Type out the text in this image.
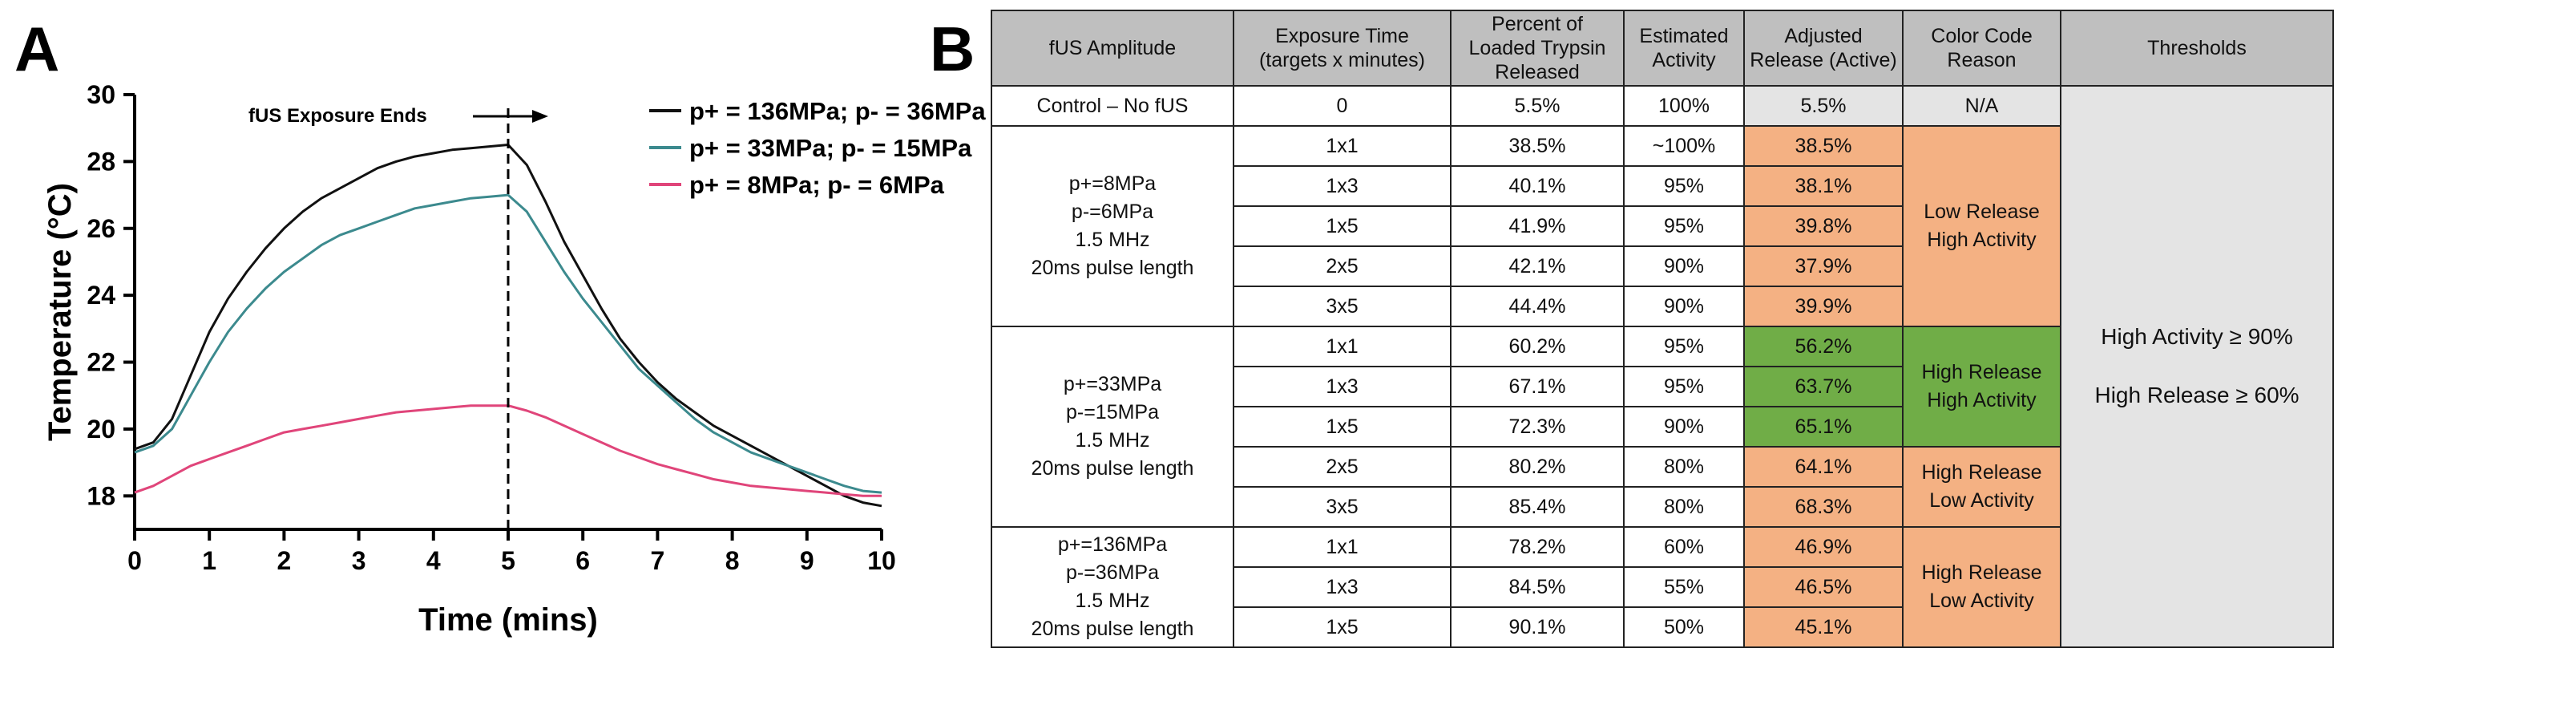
A
18
20
22
24
26
28
30
0 1 2 3 4 5 6 7 8 9 10
Time (mins)
Temperature (°C)
fUS Exposure Ends	p+ = 136MPa; p- = 36MPa
p+ = 33MPa; p- = 15MPa
p+ = 8MPa; p- = 6MPa
B	fUS Amplitude	Exposure Time (targets x minutes)	Percent of Loaded Trypsin Released	Estimated Activity	Adjusted Release (Active)	Color Code Reason	Thresholds
Control – No fUS	0	5.5%	100%	5.5%	N/A	High Activity ≥ 90%
High Release ≥ 60%

p+=8MPa
p-=6MPa
1.5 MHz
20ms pulse length	1x1	38.5%	~100%	38.5%	Low Release
High Activity	

	1x3	40.1%	95%	38.1%		
	1x5	41.9%	95%	39.8%		
	2x5	42.1%	90%	37.9%		
	3x5	44.4%	90%	39.9%		

p+=33MPa
p-=15MPa
1.5 MHz
20ms pulse length	1x1	60.2%	95%	56.2%	High Release
High Activity	

	1x3	67.1%	95%	63.7%		
	1x5	72.3%	90%	65.1%		
	2x5	80.2%	80%	64.1%	High Release
Low Activity	

	3x5	85.4%	80%	68.3%		

p+=136MPa
p-=36MPa
1.5 MHz
20ms pulse length	1x1	78.2%	60%	46.9%	High Release
Low Activity	

	1x3	84.5%	55%	46.5%		
	1x5	90.1%	50%	45.1%		
